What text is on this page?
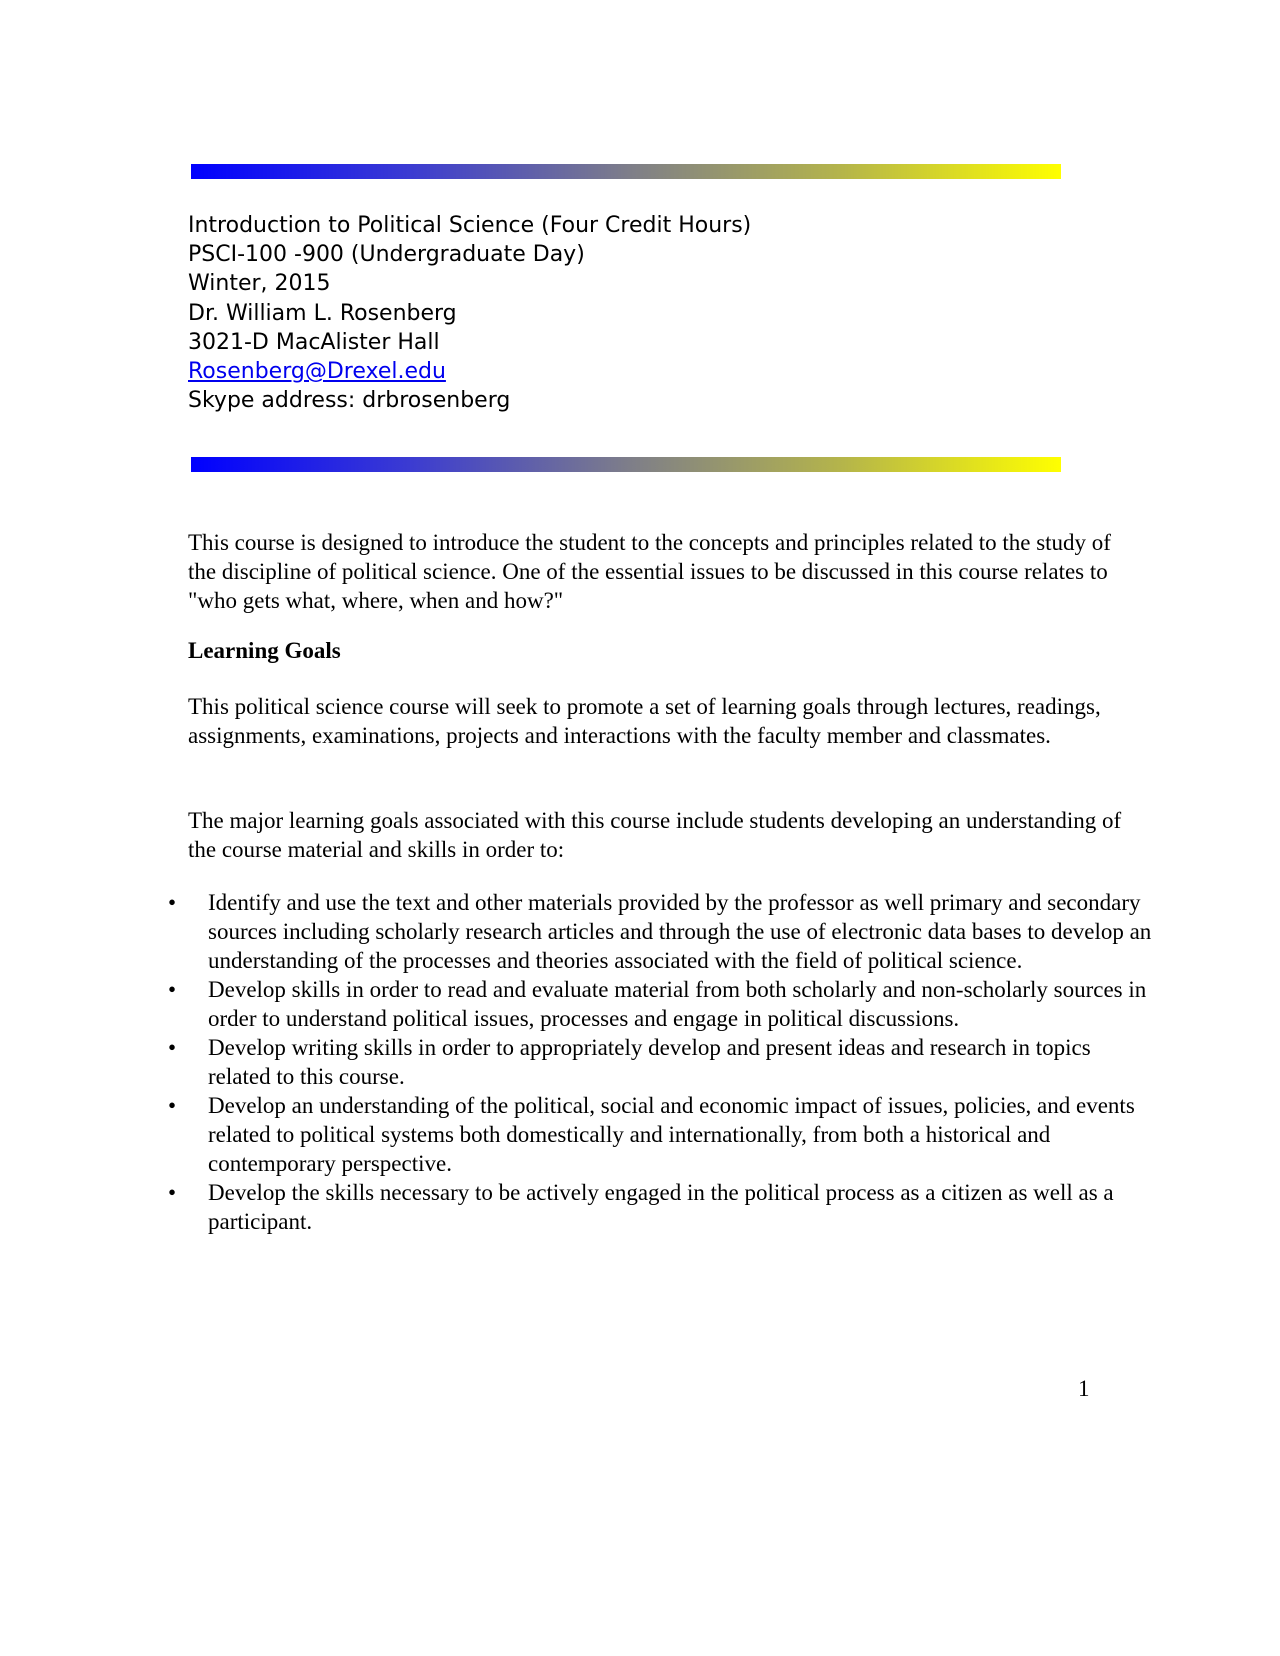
Introduction to Political Science (Four Credit Hours)
PSCI-100 -900 (Undergraduate Day)
Winter, 2015
Dr. William L. Rosenberg
3021-D MacAlister Hall
Rosenberg@Drexel.edu
Skype address: drbrosenberg

This course is designed to introduce the student to the concepts and principles related to the study of the discipline of political science. One of the essential issues to be discussed in this course relates to "who gets what, where, when and how?"

Learning Goals

This political science course will seek to promote a set of learning goals through lectures, readings, assignments, examinations, projects and interactions with the faculty member and classmates.

The major learning goals associated with this course include students developing an understanding of the course material and skills in order to:

• Identify and use the text and other materials provided by the professor as well primary and secondary sources including scholarly research articles and through the use of electronic data bases to develop an understanding of the processes and theories associated with the field of political science.
• Develop skills in order to read and evaluate material from both scholarly and non-scholarly sources in order to understand political issues, processes and engage in political discussions.
• Develop writing skills in order to appropriately develop and present ideas and research in topics related to this course.
• Develop an understanding of the political, social and economic impact of issues, policies, and events related to political systems both domestically and internationally, from both a historical and contemporary perspective.
• Develop the skills necessary to be actively engaged in the political process as a citizen as well as a participant.
1
